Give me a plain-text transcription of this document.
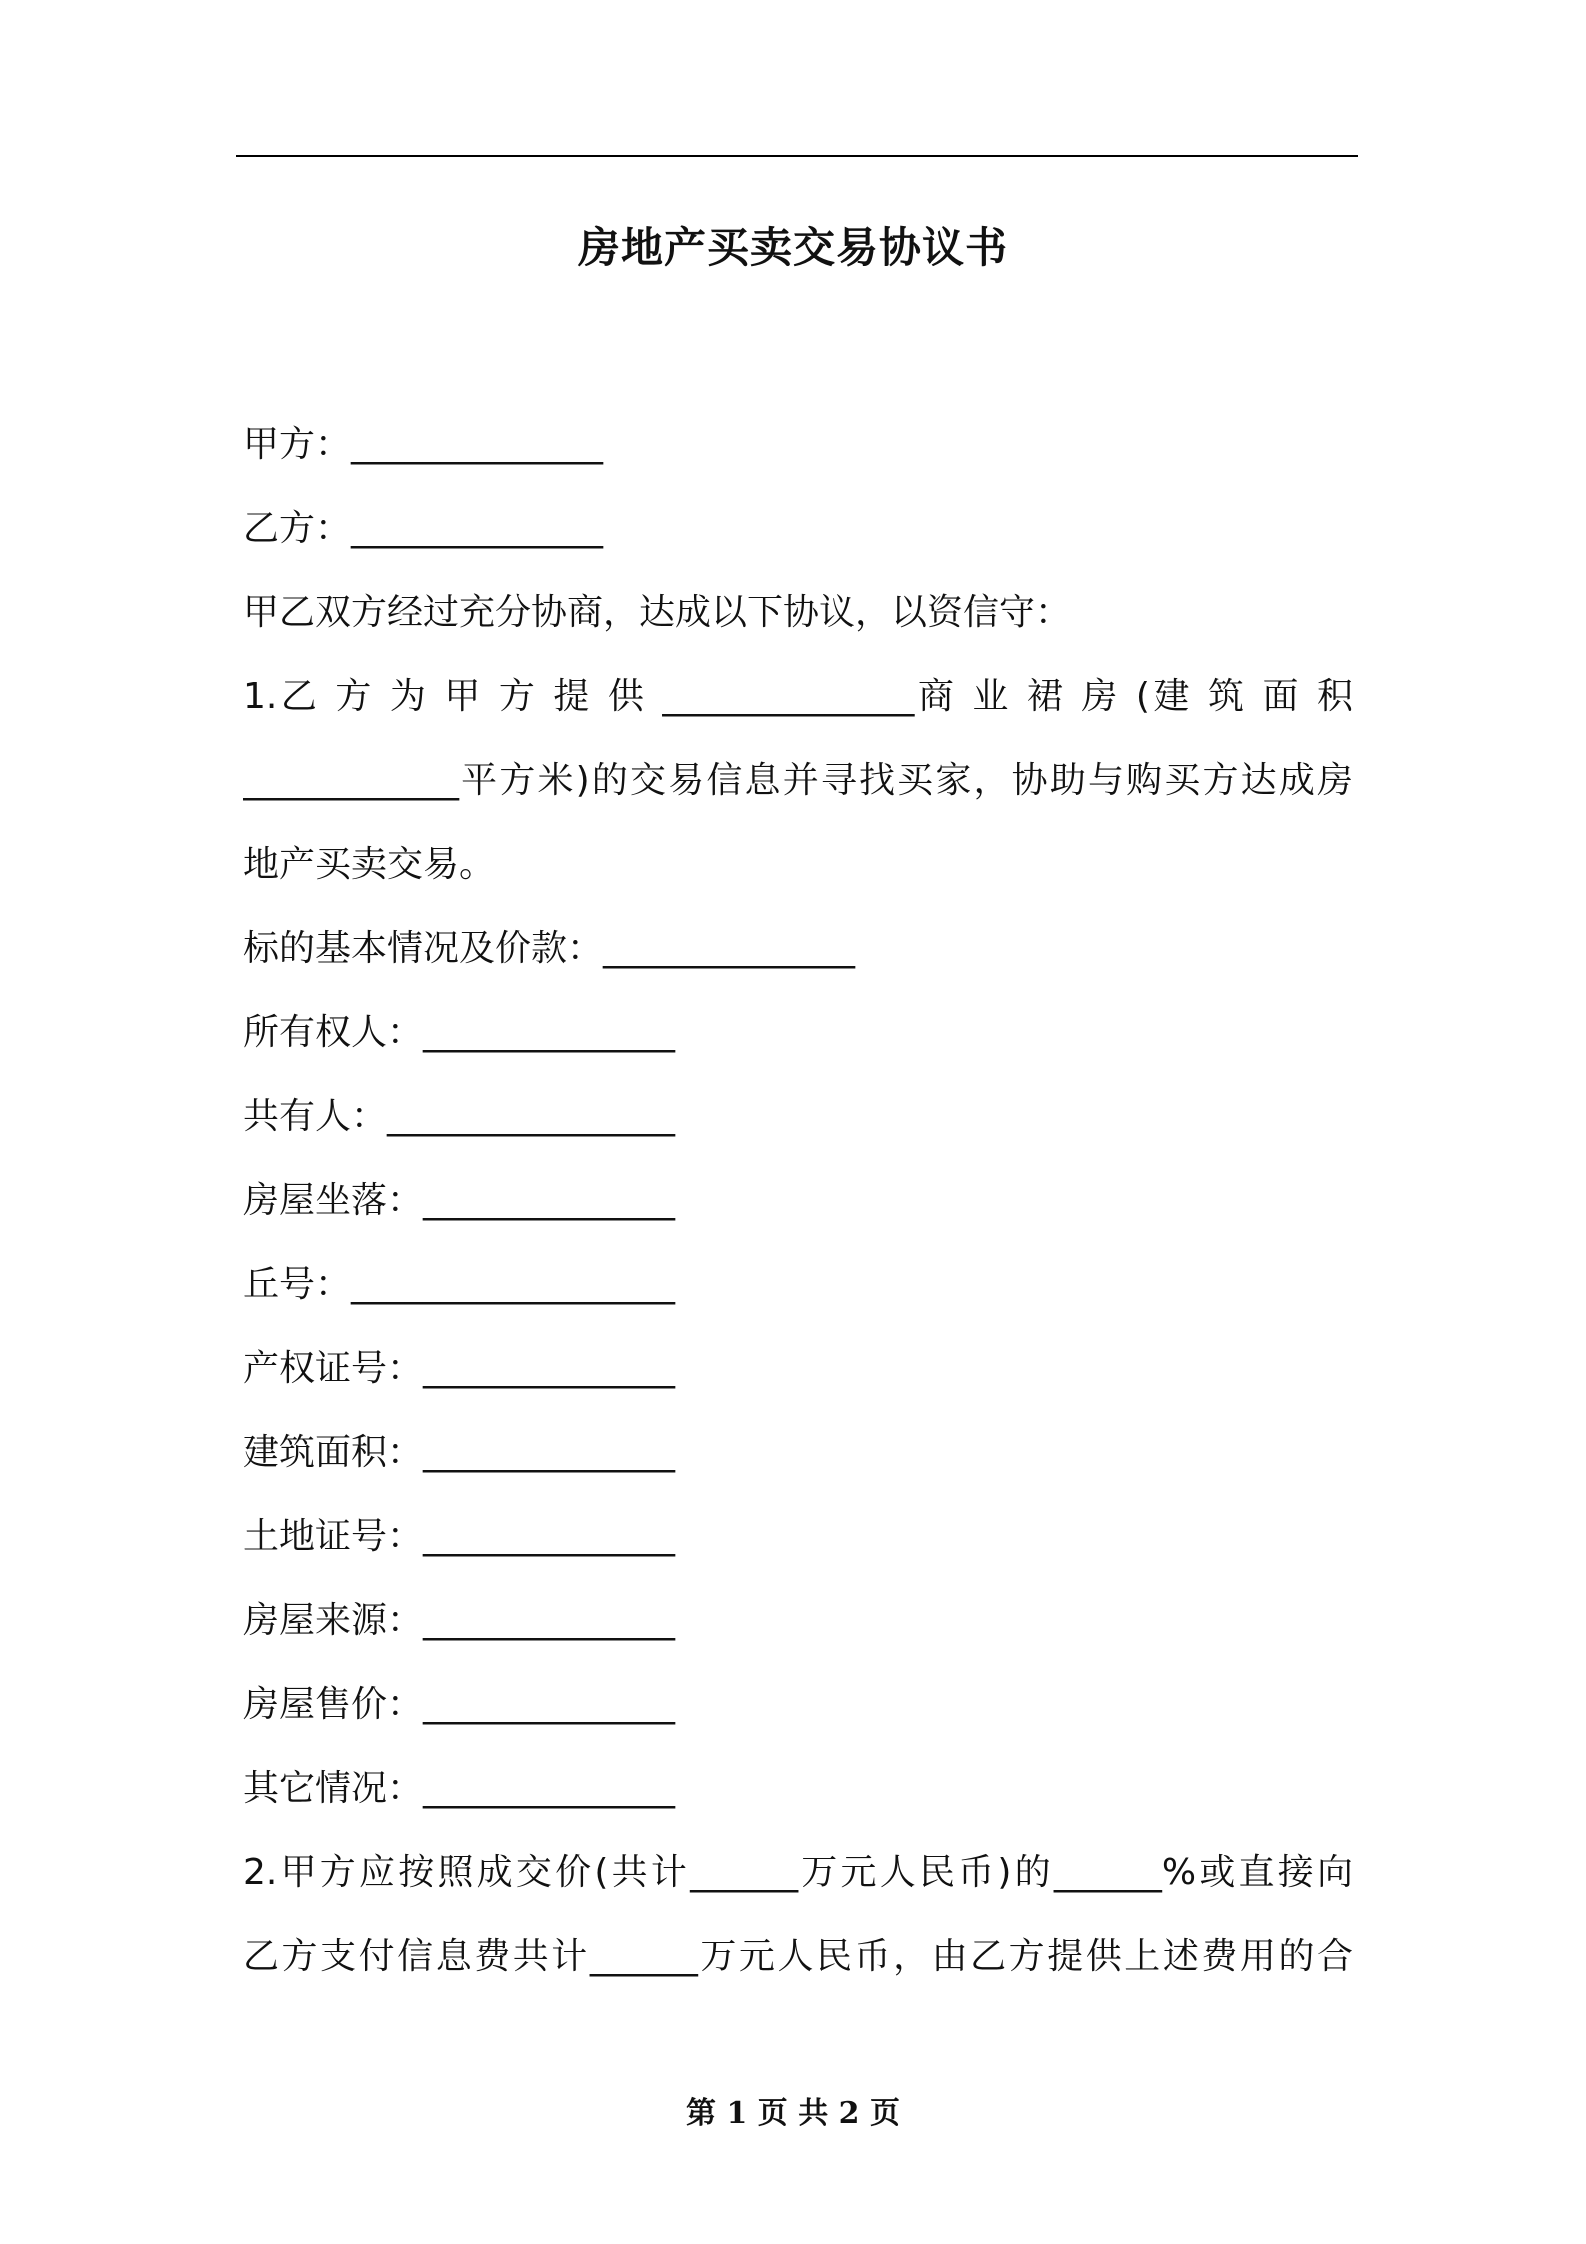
房地产买卖交易协议书
甲方：______________
乙方：______________
甲乙双方经过充分协商，达成以下协议，以资信守：
1.乙 方 为 甲 方 提 供 ______________商 业 裙 房 (建 筑 面 积
____________平方米)的交易信息并寻找买家，协助与购买方达成房
地产买卖交易。
标的基本情况及价款：______________
所有权人：______________
共有人：________________
房屋坐落：______________
丘号：__________________
产权证号：______________
建筑面积：______________
土地证号：______________
房屋来源：______________
房屋售价：______________
其它情况：______________
2.甲方应按照成交价(共计______万元人民币)的______%或直接向
乙方支付信息费共计______万元人民币，由乙方提供上述费用的合
第 1 页 共 2 页
